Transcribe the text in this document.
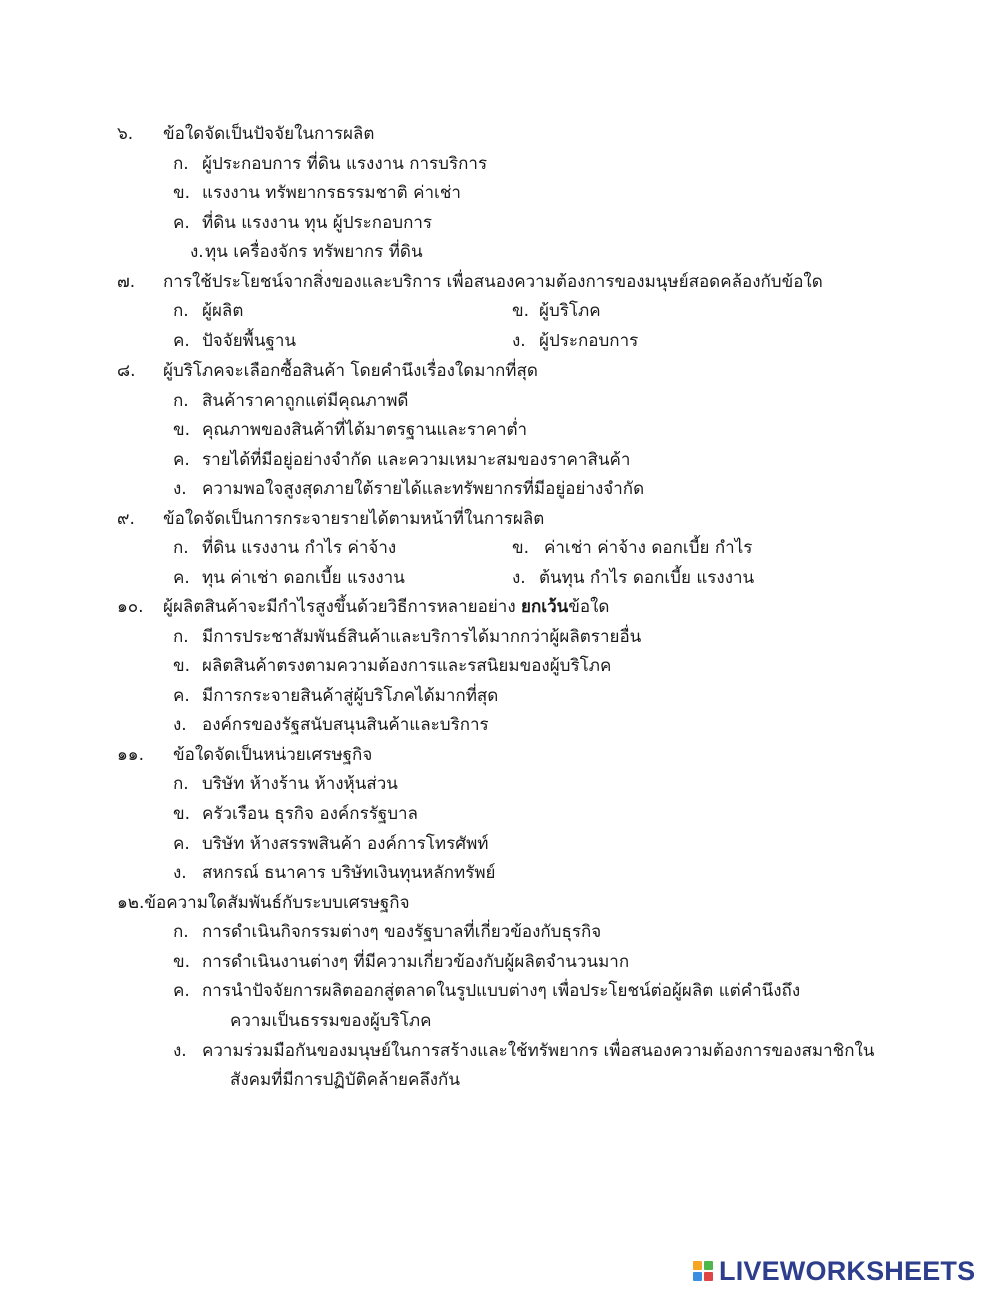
๖. ข้อใดจัดเป็นปัจจัยในการผลิต
ก. ผู้ประกอบการ ที่ดิน แรงงาน การบริการ
ข. แรงงาน ทรัพยากรธรรมชาติ ค่าเช่า
ค. ที่ดิน แรงงาน ทุน ผู้ประกอบการ
ง. ทุน เครื่องจักร ทรัพยากร ที่ดิน
๗. การใช้ประโยชน์จากสิ่งของและบริการ เพื่อสนองความต้องการของมนุษย์สอดคล้องกับข้อใด
ก. ผู้ผลิต	ข. ผู้บริโภค
ค. ปัจจัยพื้นฐาน	ง. ผู้ประกอบการ
๘. ผู้บริโภคจะเลือกซื้อสินค้า โดยคำนึงเรื่องใดมากที่สุด
ก. สินค้าราคาถูกแต่มีคุณภาพดี
ข. คุณภาพของสินค้าที่ได้มาตรฐานและราคาต่ำ
ค. รายได้ที่มีอยู่อย่างจำกัด และความเหมาะสมของราคาสินค้า
ง. ความพอใจสูงสุดภายใต้รายได้และทรัพยากรที่มีอยู่อย่างจำกัด
๙. ข้อใดจัดเป็นการกระจายรายได้ตามหน้าที่ในการผลิต
ก. ที่ดิน แรงงาน กำไร ค่าจ้าง	ข. ค่าเช่า ค่าจ้าง ดอกเบี้ย กำไร
ค. ทุน ค่าเช่า ดอกเบี้ย แรงงาน	ง. ต้นทุน กำไร ดอกเบี้ย แรงงาน
๑๐. ผู้ผลิตสินค้าจะมีกำไรสูงขึ้นด้วยวิธีการหลายอย่าง ยกเว้นข้อใด
ก. มีการประชาสัมพันธ์สินค้าและบริการได้มากกว่าผู้ผลิตรายอื่น
ข. ผลิตสินค้าตรงตามความต้องการและรสนิยมของผู้บริโภค
ค. มีการกระจายสินค้าสู่ผู้บริโภคได้มากที่สุด
ง. องค์กรของรัฐสนับสนุนสินค้าและบริการ
๑๑. ข้อใดจัดเป็นหน่วยเศรษฐกิจ
ก. บริษัท ห้างร้าน ห้างหุ้นส่วน
ข. ครัวเรือน ธุรกิจ องค์กรรัฐบาล
ค. บริษัท ห้างสรรพสินค้า องค์การโทรศัพท์
ง. สหกรณ์ ธนาคาร บริษัทเงินทุนหลักทรัพย์
๑๒.ข้อความใดสัมพันธ์กับระบบเศรษฐกิจ
ก. การดำเนินกิจกรรมต่างๆ ของรัฐบาลที่เกี่ยวข้องกับธุรกิจ
ข. การดำเนินงานต่างๆ ที่มีความเกี่ยวข้องกับผู้ผลิตจำนวนมาก
ค. การนำปัจจัยการผลิตออกสู่ตลาดในรูปแบบต่างๆ เพื่อประโยชน์ต่อผู้ผลิต แต่คำนึงถึง
ความเป็นธรรมของผู้บริโภค
ง. ความร่วมมือกันของมนุษย์ในการสร้างและใช้ทรัพยากร เพื่อสนองความต้องการของสมาชิกใน
สังคมที่มีการปฏิบัติคล้ายคลึงกัน
LIVEWORKSHEETS
